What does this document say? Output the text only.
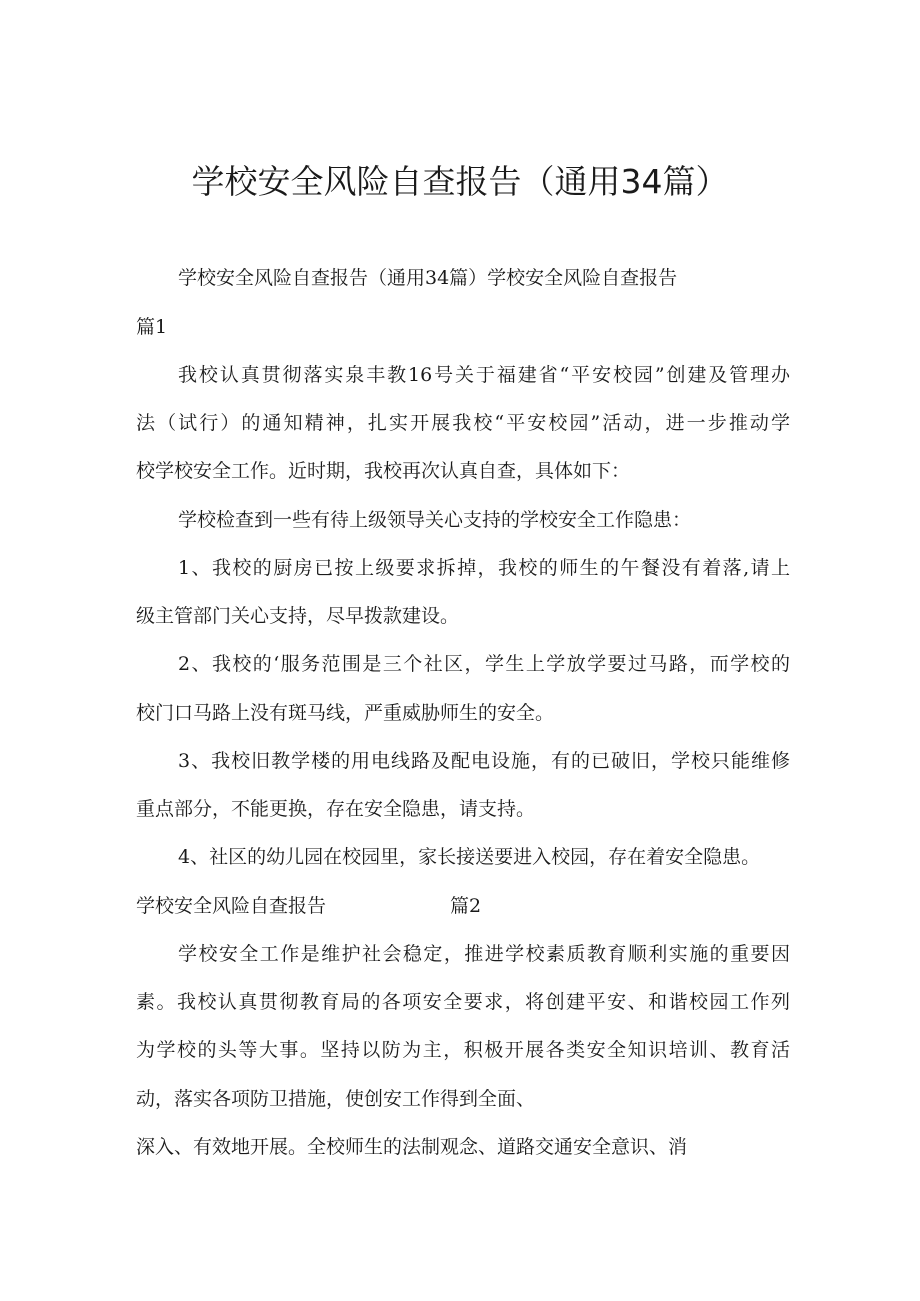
学校安全风险自查报告（通用34篇）

学校安全风险自查报告（通用34篇）学校安全风险自查报告

篇1

我校认真贯彻落实泉丰教16号关于福建省“平安校园”创建及管理办

法（试行）的通知精神，扎实开展我校“平安校园”活动，进一步推动学

校学校安全工作。近时期，我校再次认真自查，具体如下：

学校检查到一些有待上级领导关心支持的学校安全工作隐患：

1、我校的厨房已按上级要求拆掉，我校的师生的午餐没有着落,请上

级主管部门关心支持，尽早拨款建设。

2、我校的‘服务范围是三个社区，学生上学放学要过马路，而学校的

校门口马路上没有斑马线，严重威胁师生的安全。

3、我校旧教学楼的用电线路及配电设施，有的已破旧，学校只能维修

重点部分，不能更换，存在安全隐患，请支持。

4、社区的幼儿园在校园里，家长接送要进入校园，存在着安全隐患。

学校安全风险自查报告	篇2

学校安全工作是维护社会稳定，推进学校素质教育顺利实施的重要因

素。我校认真贯彻教育局的各项安全要求，将创建平安、和谐校园工作列

为学校的头等大事。坚持以防为主，积极开展各类安全知识培训、教育活

动，落实各项防卫措施，使创安工作得到全面、

深入、有效地开展。全校师生的法制观念、道路交通安全意识、消
